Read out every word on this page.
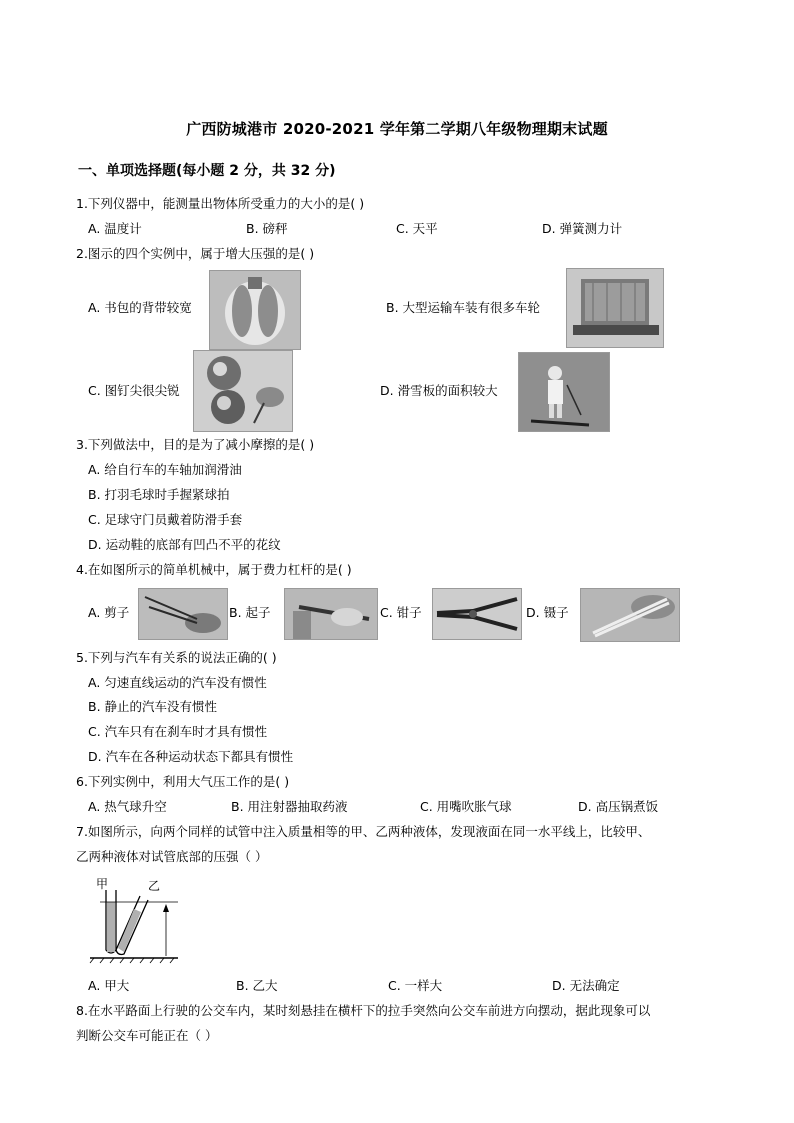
广西防城港市 2020-2021 学年第二学期八年级物理期末试题
一、单项选择题(每小题 2 分，共 32 分)
1.下列仪器中，能测量出物体所受重力的大小的是( )
A. 温度计	B. 磅秤	C. 天平	D. 弹簧测力计
2.图示的四个实例中，属于增大压强的是( )
A. 书包的背带较宽	B. 大型运输车装有很多车轮
C. 图钉尖很尖锐	D. 滑雪板的面积较大
3.下列做法中，目的是为了减小摩擦的是( )
A. 给自行车的车轴加润滑油
B. 打羽毛球时手握紧球拍
C. 足球守门员戴着防滑手套
D. 运动鞋的底部有凹凸不平的花纹
4.在如图所示的简单机械中，属于费力杠杆的是( )
A. 剪子	B. 起子	C. 钳子	D. 镊子
5.下列与汽车有关系的说法正确的( )
A. 匀速直线运动的汽车没有惯性
B. 静止的汽车没有惯性
C. 汽车只有在刹车时才具有惯性
D. 汽车在各种运动状态下都具有惯性
6.下列实例中，利用大气压工作的是( )
A. 热气球升空	B. 用注射器抽取药液	C. 用嘴吹胀气球	D. 高压锅煮饭
7.如图所示，向两个同样的试管中注入质量相等的甲、乙两种液体，发现液面在同一水平线上，比较甲、
乙两种液体对试管底部的压强（ ）
甲	乙
A. 甲大	B. 乙大	C. 一样大	D. 无法确定
8.在水平路面上行驶的公交车内，某时刻悬挂在横杆下的拉手突然向公交车前进方向摆动，据此现象可以
判断公交车可能正在（ ）
